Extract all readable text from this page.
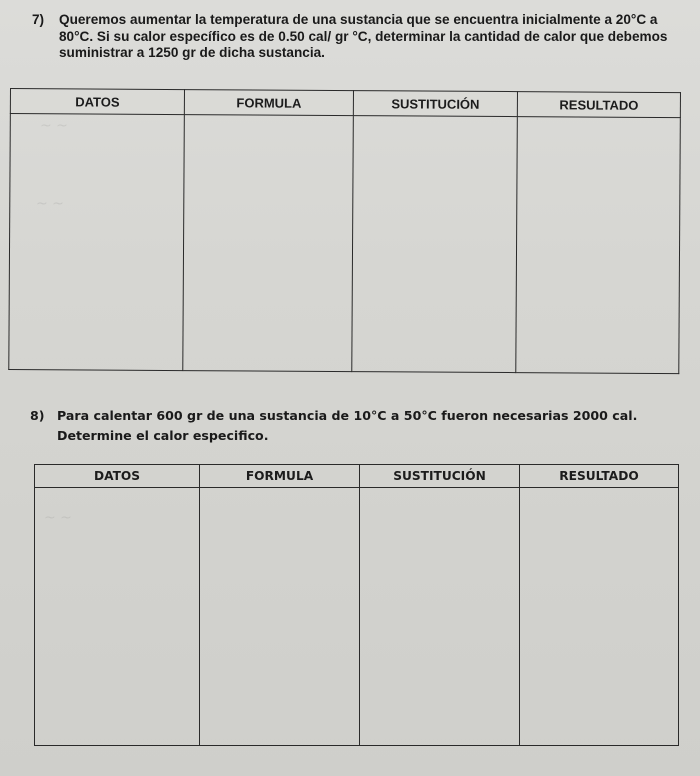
~ ~
~ ~
~ ~
7)	Queremos aumentar la temperatura de una sustancia que se encuentra inicialmente a 20°C a 80°C. Si su calor específico es de 0.50 cal/ gr °C, determinar la cantidad de calor que debemos suministrar a 1250 gr de dicha sustancia.
DATOS	FORMULA	SUSTITUCIÓN	RESULTADO

8) Para calentar 600 gr de una sustancia de 10°C a 50°C fueron necesarias 2000 cal. Determine el calor especifico.
DATOS	FORMULA	SUSTITUCIÓN	RESULTADO
